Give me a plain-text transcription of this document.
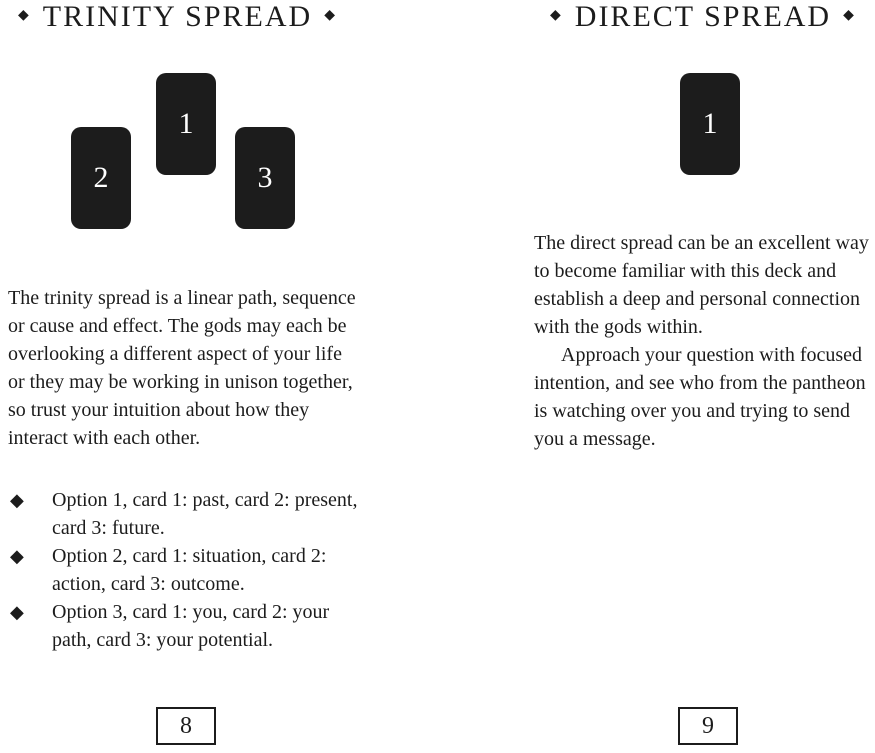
◆ TRINITY SPREAD ◆
1
2	3

The trinity spread is a linear path, sequence or cause and effect. The gods may each be overlooking a different aspect of your life or they may be working in unison together, so trust your intuition about how they interact with each other.

◆ Option 1, card 1: past, card 2: present, card 3: future.
◆ Option 2, card 1: situation, card 2: action, card 3: outcome.
◆ Option 3, card 1: you, card 2: your path, card 3: your potential.
8
◆ DIRECT SPREAD ◆
1

The direct spread can be an excellent way to become familiar with this deck and establish a deep and personal connection with the gods within.

Approach your question with focused intention, and see who from the pantheon is watching over you and trying to send you a message.

9
